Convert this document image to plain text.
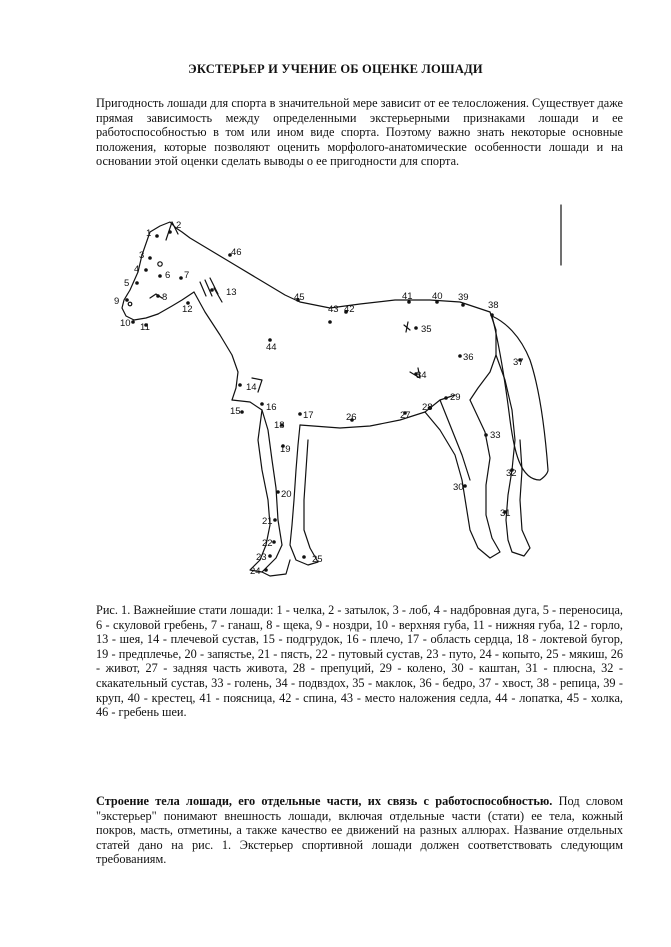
ЭКСТЕРЬЕР И УЧЕНИЕ ОБ ОЦЕНКЕ ЛОШАДИ
Пригодность лошади для спорта в значительной мере зависит от ее телосложения. Существует даже прямая зависимость между определенными экстерьерными признаками лошади и ее работоспособностью в том или ином виде спорта. Поэтому важно знать некоторые основные положения, которые позволяют оценить морфолого-анатомические особенности лошади и на основании этой оценки сделать выводы о ее пригодности для спорта.
1
2
3
4
5
6 7
8
9
10 11
12
13
14
15	16
17
18
19
20
21
22
23
24
25
26	27
28
29
30
31
32
33
34
35
36	37
38
39
40
41
42
43
44
45
46
Рис. 1. Важнейшие стати лошади: 1 - челка, 2 - затылок, 3 - лоб, 4 - надбровная дуга, 5 - переносица, 6 - скуловой гребень, 7 - ганаш, 8 - щека, 9 - ноздри, 10 - верхняя губа, 11 - нижняя губа, 12 - горло, 13 - шея, 14 - плечевой сустав, 15 - подгрудок, 16 - плечо, 17 - область сердца, 18 - локтевой бугор, 19 - предплечье, 20 - запястье, 21 - пясть, 22 - путовый сустав, 23 - путо, 24 - копыто, 25 - мякиш, 26 - живот, 27 - задняя часть живота, 28 - препуций, 29 - колено, 30 - каштан, 31 - плюсна, 32 - скакательный сустав, 33 - голень, 34 - подвздох, 35 - маклок, 36 - бедро, 37 - хвост, 38 - репица, 39 - круп, 40 - крестец, 41 - поясница, 42 - спина, 43 - место наложения седла, 44 - лопатка, 45 - холка, 46 - гребень шеи.
Строение тела лошади, его отдельные части, их связь с работоспособностью. Под словом "экстерьер" понимают внешность лошади, включая отдельные части (стати) ее тела, кожный покров, масть, отметины, а также качество ее движений на разных аллюрах. Название отдельных статей дано на рис. 1. Экстерьер спортивной лошади должен соответствовать следующим требованиям.
